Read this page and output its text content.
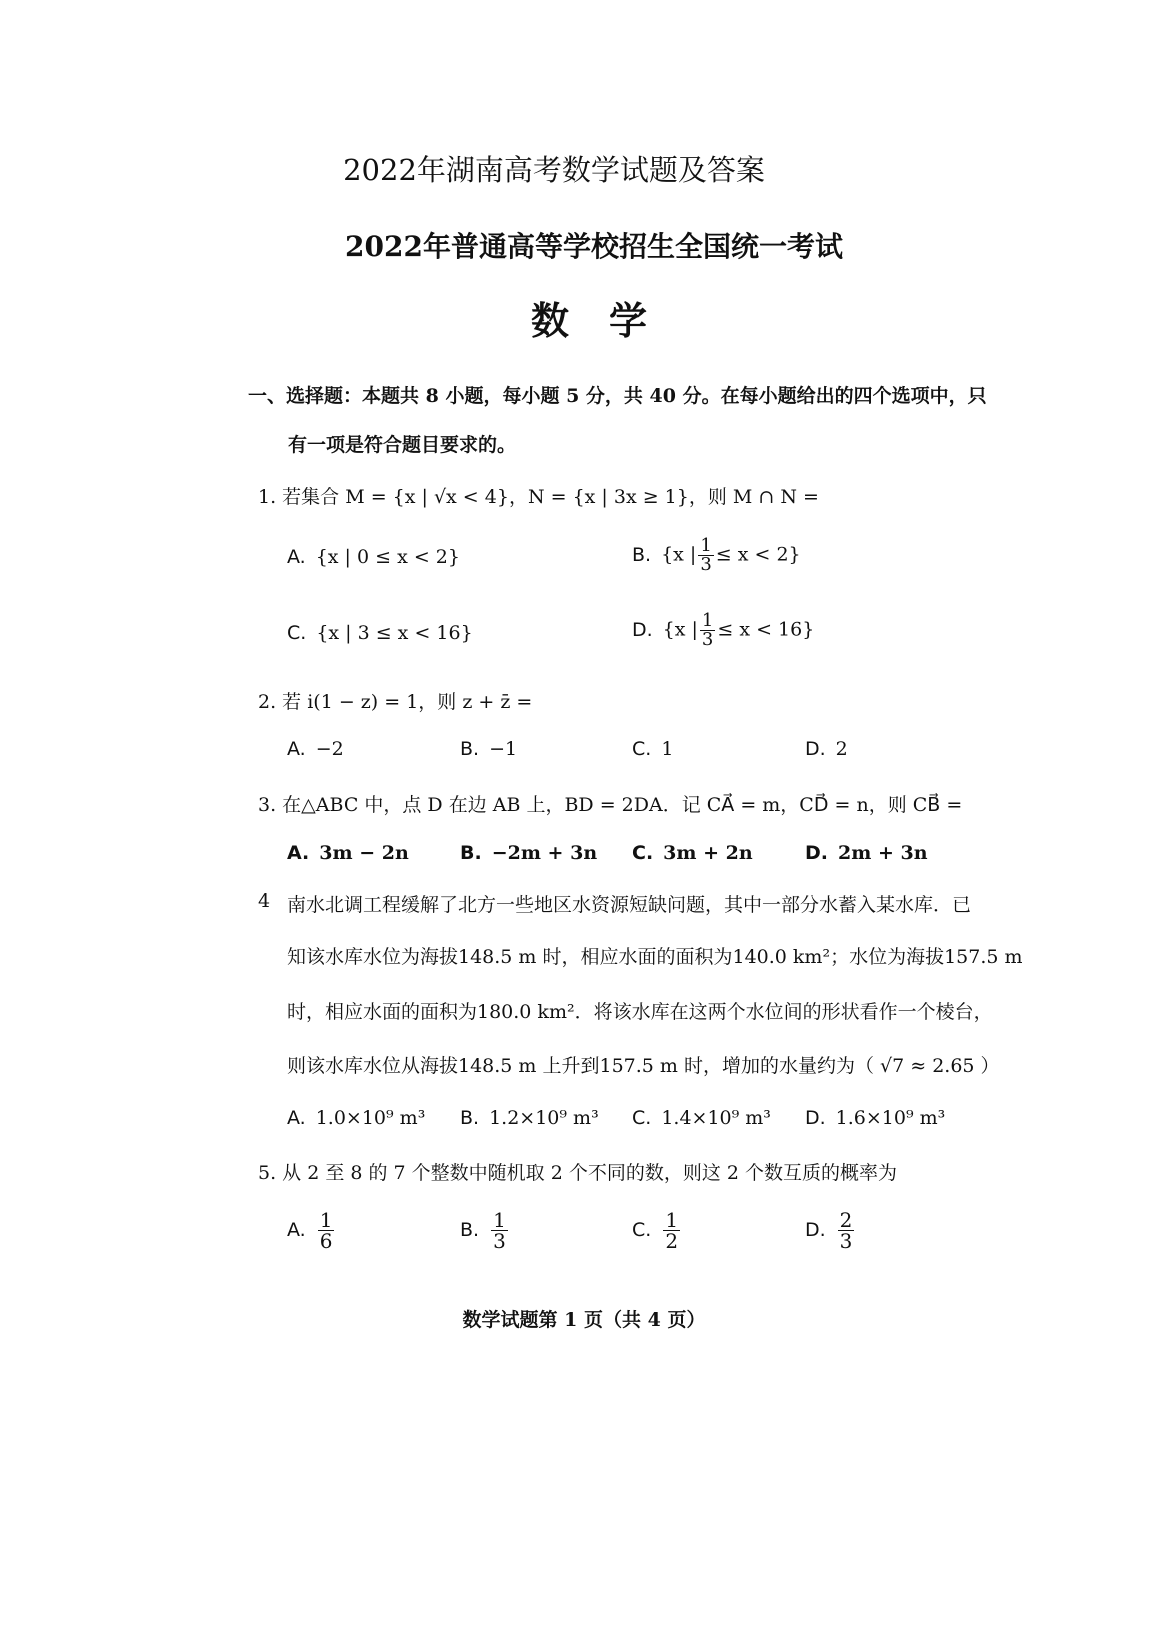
2022年湖南高考数学试题及答案
2022年普通高等学校招生全国统一考试
数学
一、选择题：本题共 8 小题，每小题 5 分，共 40 分。在每小题给出的四个选项中，只
有一项是符合题目要求的。
1. 若集合 M = {x | √x < 4}，N = {x | 3x ≥ 1}，则 M ∩ N =
A. {x | 0 ≤ x < 2}	B. {x | $\frac{1}{3} \le x < 2$}
C. {x | 3 ≤ x < 16}	D. {x | $\frac{1}{3} \le x < 16$}
2. 若 i(1 − z) = 1，则 z + z̄ =
A. −2	B. −1	C. 1	D. 2
3. 在△ABC 中，点 D 在边 AB 上，BD = 2DA．记 CA⃗ = m，CD⃗ = n，则 CB⃗ =
A. 3m − 2n	B. −2m + 3n C. 3m + 2n	D. 2m + 3n
4 南水北调工程缓解了北方一些地区水资源短缺问题，其中一部分水蓄入某水库．已
知该水库水位为海拔148.5 m 时，相应水面的面积为140.0 km²；水位为海拔157.5 m
时，相应水面的面积为180.0 km²．将该水库在这两个水位间的形状看作一个棱台，
则该水库水位从海拔148.5 m 上升到157.5 m 时，增加的水量约为（ √7 ≈ 2.65 ）
A. 1.0×10⁹ m³ B. 1.2×10⁹ m³ C. 1.4×10⁹ m³ D. 1.6×10⁹ m³
5. 从 2 至 8 的 7 个整数中随机取 2 个不同的数，则这 2 个数互质的概率为
A. $\frac{1}{6}$	B. $\frac{1}{3}$	C. $\frac{1}{2}$	D. $\frac{2}{3}$
数学试题第 1 页（共 4 页）
